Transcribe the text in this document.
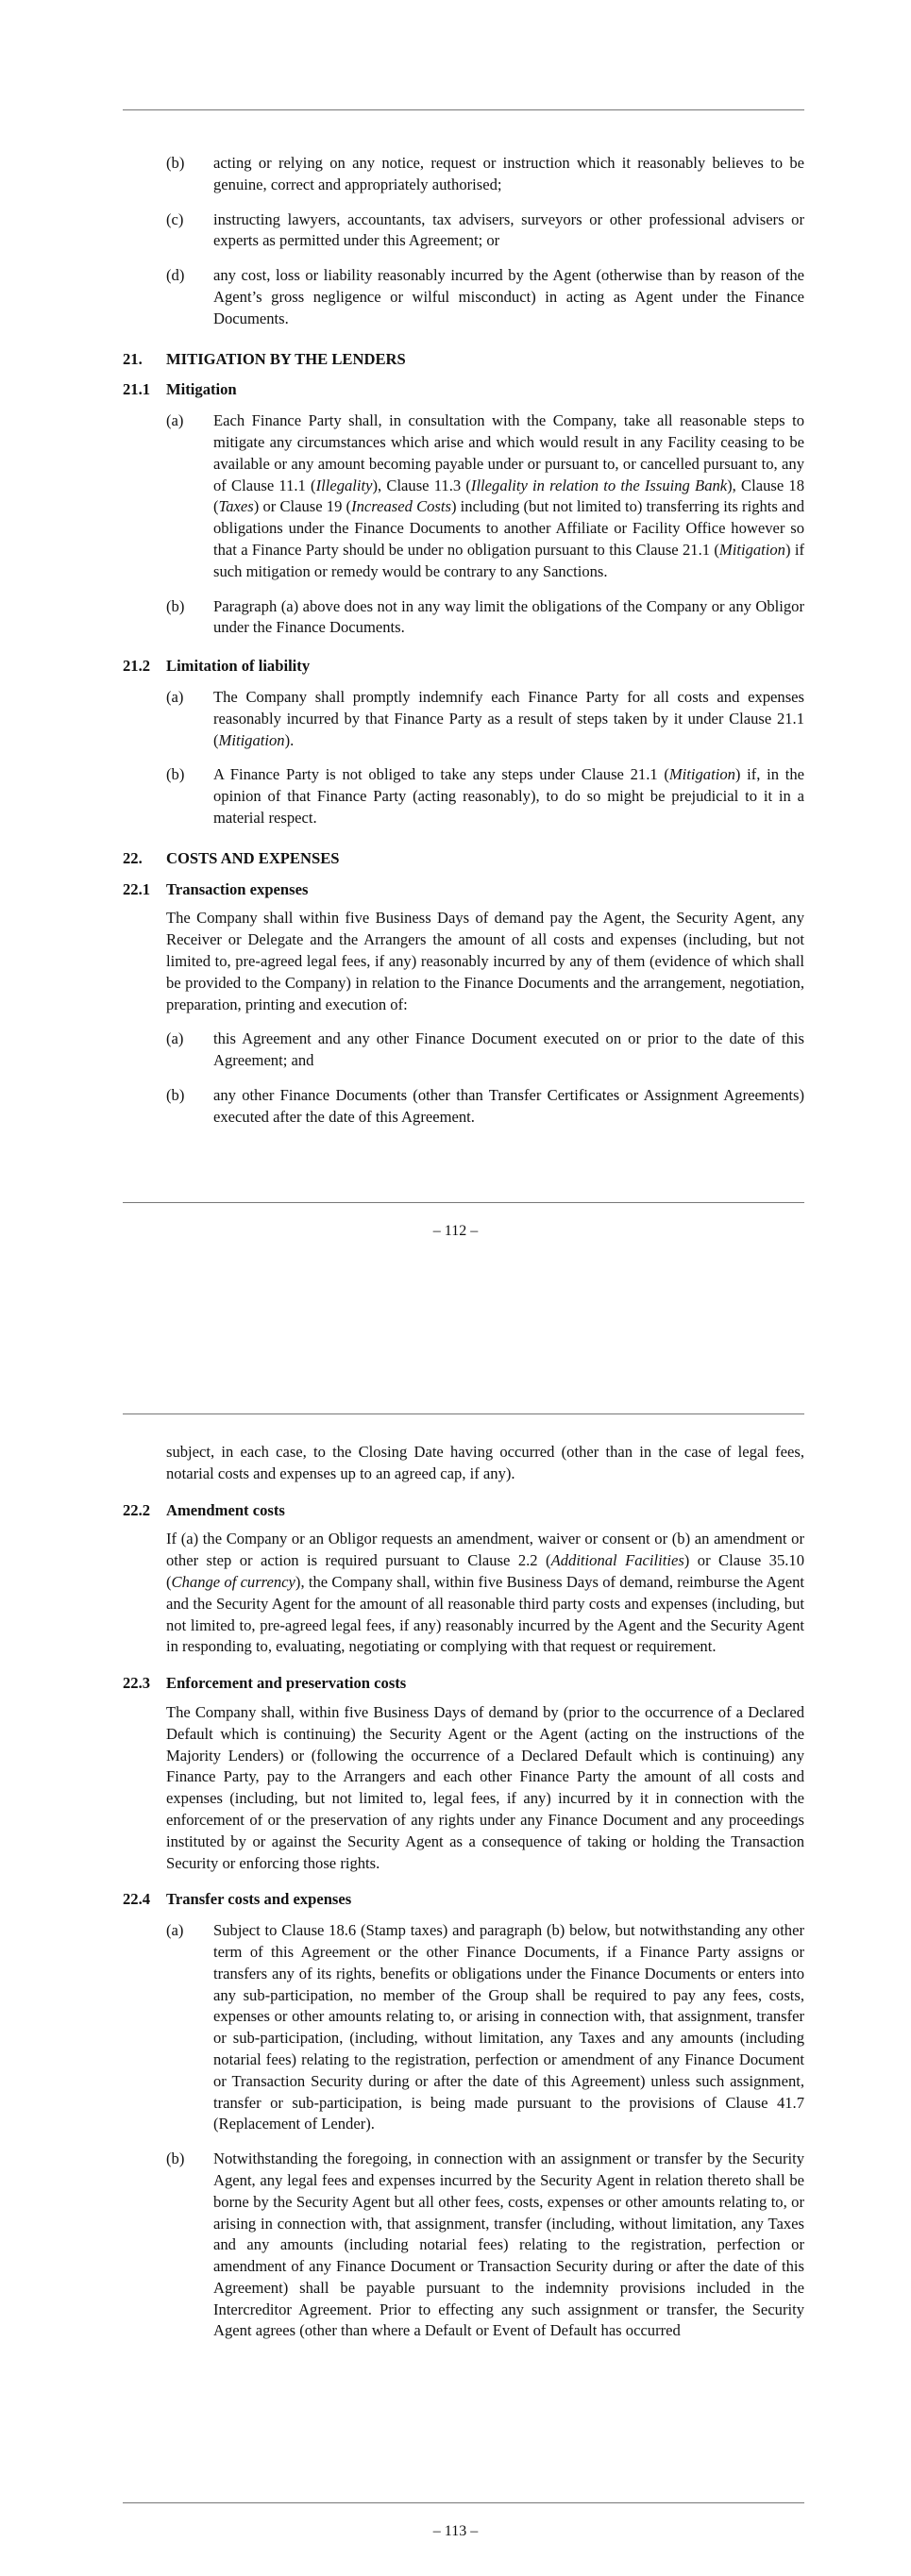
(b) acting or relying on any notice, request or instruction which it reasonably believes to be genuine, correct and appropriately authorised;
(c) instructing lawyers, accountants, tax advisers, surveyors or other professional advisers or experts as permitted under this Agreement; or
(d) any cost, loss or liability reasonably incurred by the Agent (otherwise than by reason of the Agent’s gross negligence or wilful misconduct) in acting as Agent under the Finance Documents.
21.	MITIGATION BY THE LENDERS
21.1	Mitigation
(a) Each Finance Party shall, in consultation with the Company, take all reasonable steps to mitigate any circumstances which arise and which would result in any Facility ceasing to be available or any amount becoming payable under or pursuant to, or cancelled pursuant to, any of Clause 11.1 (Illegality), Clause 11.3 (Illegality in relation to the Issuing Bank), Clause 18 (Taxes) or Clause 19 (Increased Costs) including (but not limited to) transferring its rights and obligations under the Finance Documents to another Affiliate or Facility Office however so that a Finance Party should be under no obligation pursuant to this Clause 21.1 (Mitigation) if such mitigation or remedy would be contrary to any Sanctions.
(b) Paragraph (a) above does not in any way limit the obligations of the Company or any Obligor under the Finance Documents.
21.2	Limitation of liability
(a) The Company shall promptly indemnify each Finance Party for all costs and expenses reasonably incurred by that Finance Party as a result of steps taken by it under Clause 21.1 (Mitigation).
(b) A Finance Party is not obliged to take any steps under Clause 21.1 (Mitigation) if, in the opinion of that Finance Party (acting reasonably), to do so might be prejudicial to it in a material respect.
22.	COSTS AND EXPENSES
22.1	Transaction expenses
The Company shall within five Business Days of demand pay the Agent, the Security Agent, any Receiver or Delegate and the Arrangers the amount of all costs and expenses (including, but not limited to, pre-agreed legal fees, if any) reasonably incurred by any of them (evidence of which shall be provided to the Company) in relation to the Finance Documents and the arrangement, negotiation, preparation, printing and execution of:
(a) this Agreement and any other Finance Document executed on or prior to the date of this Agreement; and
(b) any other Finance Documents (other than Transfer Certificates or Assignment Agreements) executed after the date of this Agreement.
– 112 –
subject, in each case, to the Closing Date having occurred (other than in the case of legal fees, notarial costs and expenses up to an agreed cap, if any).
22.2	Amendment costs
If (a) the Company or an Obligor requests an amendment, waiver or consent or (b) an amendment or other step or action is required pursuant to Clause 2.2 (Additional Facilities) or Clause 35.10 (Change of currency), the Company shall, within five Business Days of demand, reimburse the Agent and the Security Agent for the amount of all reasonable third party costs and expenses (including, but not limited to, pre-agreed legal fees, if any) reasonably incurred by the Agent and the Security Agent in responding to, evaluating, negotiating or complying with that request or requirement.
22.3	Enforcement and preservation costs
The Company shall, within five Business Days of demand by (prior to the occurrence of a Declared Default which is continuing) the Security Agent or the Agent (acting on the instructions of the Majority Lenders) or (following the occurrence of a Declared Default which is continuing) any Finance Party, pay to the Arrangers and each other Finance Party the amount of all costs and expenses (including, but not limited to, legal fees, if any) incurred by it in connection with the enforcement of or the preservation of any rights under any Finance Document and any proceedings instituted by or against the Security Agent as a consequence of taking or holding the Transaction Security or enforcing those rights.
22.4	Transfer costs and expenses
(a) Subject to Clause 18.6 (Stamp taxes) and paragraph (b) below, but notwithstanding any other term of this Agreement or the other Finance Documents, if a Finance Party assigns or transfers any of its rights, benefits or obligations under the Finance Documents or enters into any sub-participation, no member of the Group shall be required to pay any fees, costs, expenses or other amounts relating to, or arising in connection with, that assignment, transfer or sub-participation, (including, without limitation, any Taxes and any amounts (including notarial fees) relating to the registration, perfection or amendment of any Finance Document or Transaction Security during or after the date of this Agreement) unless such assignment, transfer or sub-participation, is being made pursuant to the provisions of Clause 41.7 (Replacement of Lender).
(b) Notwithstanding the foregoing, in connection with an assignment or transfer by the Security Agent, any legal fees and expenses incurred by the Security Agent in relation thereto shall be borne by the Security Agent but all other fees, costs, expenses or other amounts relating to, or arising in connection with, that assignment, transfer (including, without limitation, any Taxes and any amounts (including notarial fees) relating to the registration, perfection or amendment of any Finance Document or Transaction Security during or after the date of this Agreement) shall be payable pursuant to the indemnity provisions included in the Intercreditor Agreement. Prior to effecting any such assignment or transfer, the Security Agent agrees (other than where a Default or Event of Default has occurred
– 113 –
